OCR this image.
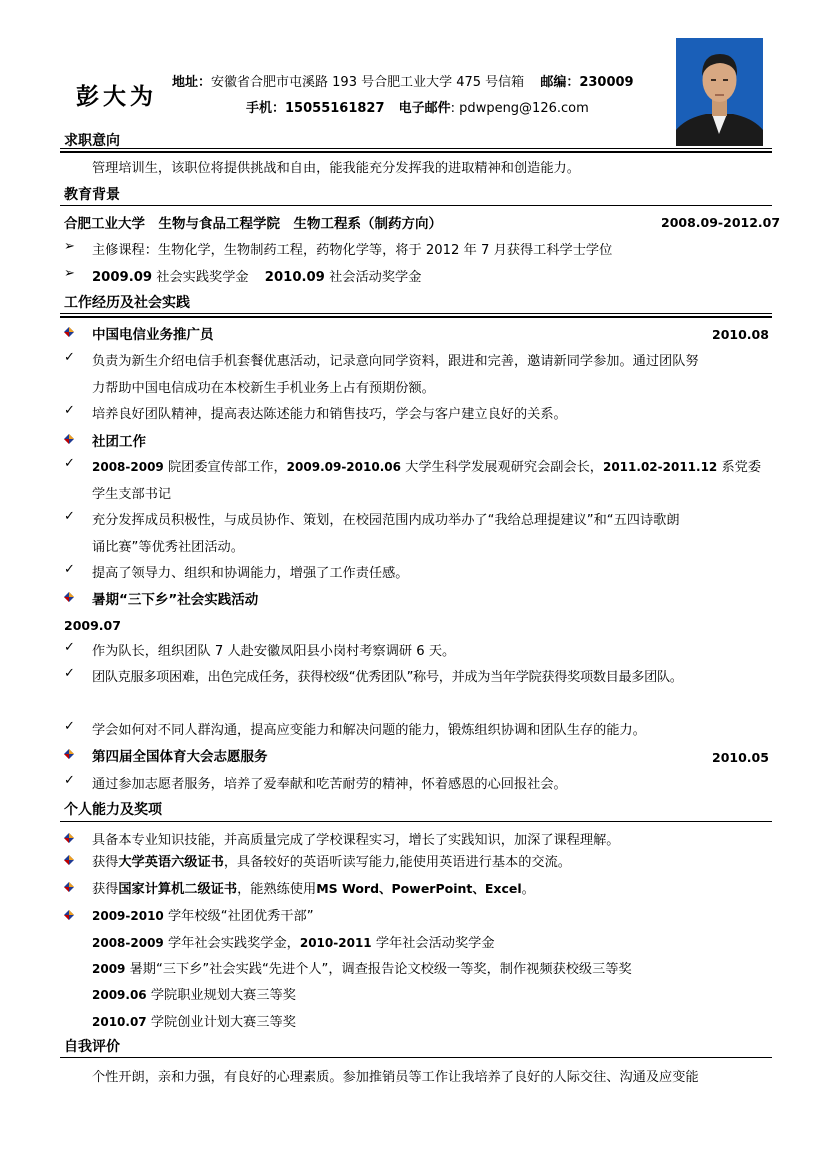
彭大为
地址：安徽省合肥市屯溪路 193 号合肥工业大学 475 号信箱 邮编：230009
手机：15055161827 电子邮件: pdwpeng@126.com
求职意向
管理培训生，该职位将提供挑战和自由，能我能充分发挥我的进取精神和创造能力。
教育背景
合肥工业大学　生物与食品工程学院　生物工程系（制药方向）	2008.09-2012.07
➢ 主修课程：生物化学，生物制药工程，药物化学等，将于 2012 年 7 月获得工科学士学位
➢ 2009.09 社会实践奖学金 2010.09 社会活动奖学金
工作经历及社会实践
中国电信业务推广员	2010.08
✓ 负责为新生介绍电信手机套餐优惠活动，记录意向同学资料，跟进和完善，邀请新同学参加。通过团队努
力帮助中国电信成功在本校新生手机业务上占有预期份额。
✓ 培养良好团队精神，提高表达陈述能力和销售技巧，学会与客户建立良好的关系。
社团工作
✓ 2008-2009 院团委宣传部工作，2009.09-2010.06 大学生科学发展观研究会副会长，2011.02-2011.12 系党委
学生支部书记
✓ 充分发挥成员积极性，与成员协作、策划，在校园范围内成功举办了“我给总理提建议”和“五四诗歌朗
诵比赛”等优秀社团活动。
✓ 提高了领导力、组织和协调能力，增强了工作责任感。
暑期“三下乡”社会实践活动
2009.07
✓ 作为队长，组织团队 7 人赴安徽凤阳县小岗村考察调研 6 天。
✓ 团队克服多项困难，出色完成任务，获得校级“优秀团队”称号，并成为当年学院获得奖项数目最多团队。
✓ 学会如何对不同人群沟通，提高应变能力和解决问题的能力，锻炼组织协调和团队生存的能力。
第四届全国体育大会志愿服务	2010.05
✓ 通过参加志愿者服务，培养了爱奉献和吃苦耐劳的精神，怀着感恩的心回报社会。
个人能力及奖项
具备本专业知识技能，并高质量完成了学校课程实习，增长了实践知识，加深了课程理解。
获得大学英语六级证书，具备较好的英语听读写能力,能使用英语进行基本的交流。
获得国家计算机二级证书，能熟练使用MS Word、PowerPoint、Excel。
2009-2010 学年校级“社团优秀干部”
2008-2009 学年社会实践奖学金，2010-2011 学年社会活动奖学金
2009 暑期“三下乡”社会实践“先进个人”，调查报告论文校级一等奖，制作视频获校级三等奖
2009.06 学院职业规划大赛三等奖
2010.07 学院创业计划大赛三等奖
自我评价
个性开朗，亲和力强，有良好的心理素质。参加推销员等工作让我培养了良好的人际交往、沟通及应变能
